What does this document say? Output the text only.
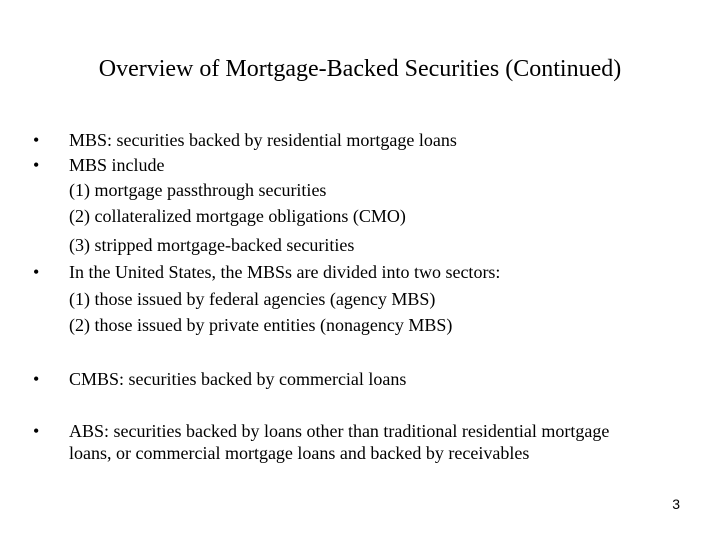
Overview of Mortgage-Backed Securities (Continued)
•	MBS: securities backed by residential mortgage loans
•	MBS include
(1) mortgage passthrough securities
(2) collateralized mortgage obligations (CMO)
(3) stripped mortgage-backed securities
•	In the United States, the MBSs are divided into two sectors:
(1) those issued by federal agencies (agency MBS)
(2) those issued by private entities (nonagency MBS)
•	CMBS: securities backed by commercial loans
•	ABS: securities backed by loans other than traditional residential mortgage
loans, or commercial mortgage loans and backed by receivables
3
